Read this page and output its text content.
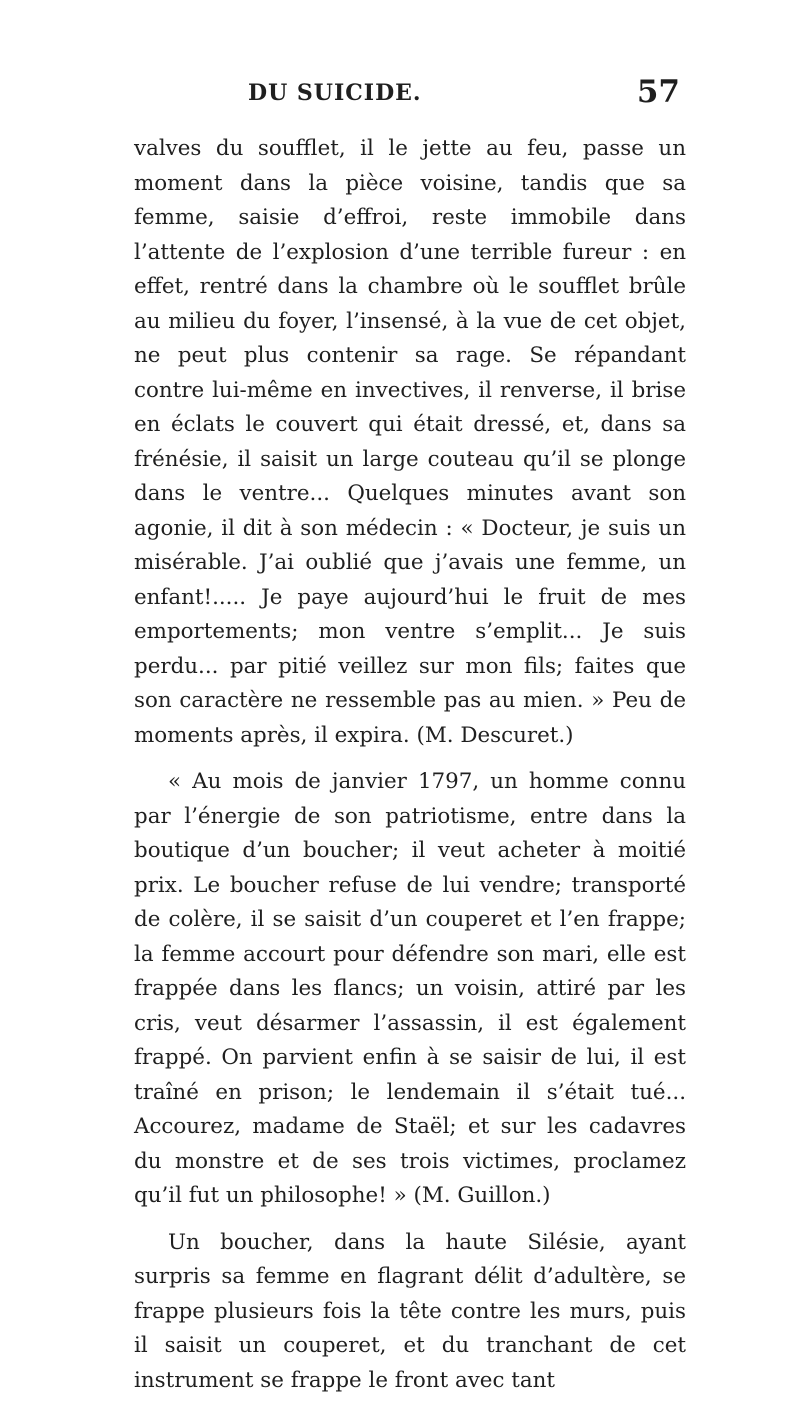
DU SUICIDE.	57

valves du soufflet, il le jette au feu, passe un moment dans la pièce voisine, tandis que sa femme, saisie d’effroi, reste immobile dans l’attente de l’explosion d’une terrible fureur : en effet, rentré dans la chambre où le soufflet brûle au milieu du foyer, l’insensé, à la vue de cet objet, ne peut plus contenir sa rage. Se répandant contre lui-même en invectives, il renverse, il brise en éclats le couvert qui était dressé, et, dans sa frénésie, il saisit un large couteau qu’il se plonge dans le ventre... Quelques minutes avant son agonie, il dit à son médecin : « Docteur, je suis un misérable. J’ai oublié que j’avais une femme, un enfant!..... Je paye aujourd’hui le fruit de mes emportements; mon ventre s’emplit... Je suis perdu... par pitié veillez sur mon fils; faites que son caractère ne ressemble pas au mien. » Peu de moments après, il expira. (M. Descuret.)

« Au mois de janvier 1797, un homme connu par l’énergie de son patriotisme, entre dans la boutique d’un boucher; il veut acheter à moitié prix. Le boucher refuse de lui vendre; transporté de colère, il se saisit d’un couperet et l’en frappe; la femme accourt pour défendre son mari, elle est frappée dans les flancs; un voisin, attiré par les cris, veut désarmer l’assassin, il est également frappé. On parvient enfin à se saisir de lui, il est traîné en prison; le lendemain il s’était tué... Accourez, madame de Staël; et sur les cadavres du monstre et de ses trois victimes, proclamez qu’il fut un philosophe! » (M. Guillon.)

Un boucher, dans la haute Silésie, ayant surpris sa femme en flagrant délit d’adultère, se frappe plusieurs fois la tête contre les murs, puis il saisit un couperet, et du tranchant de cet instrument se frappe le front avec tant
